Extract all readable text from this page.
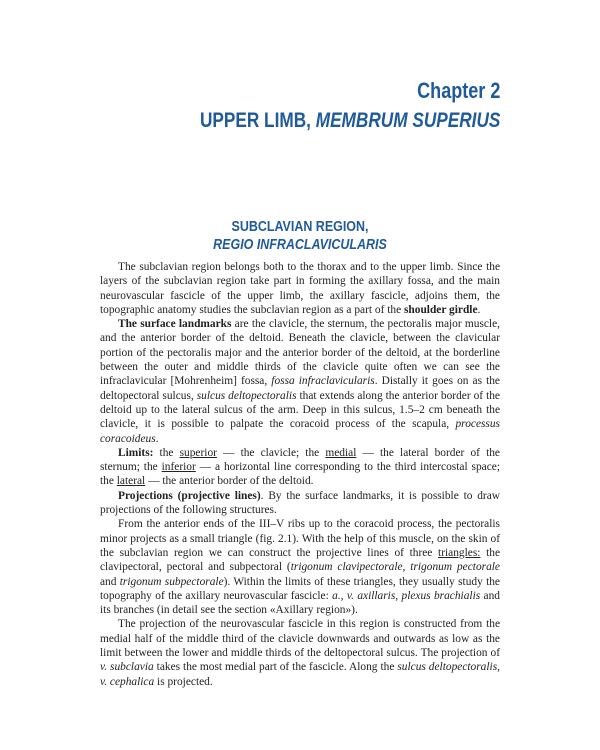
Chapter 2
UPPER LIMB, MEMBRUM SUPERIUS
SUBCLAVIAN REGION,
REGIO INFRACLAVICULARIS

The subclavian region belongs both to the thorax and to the upper limb. Since the layers of the subclavian region take part in forming the axillary fossa, and the main neurovascular fascicle of the upper limb, the axillary fascicle, adjoins them, the topographic anatomy studies the subclavian region as a part of the shoulder girdle.

The surface landmarks are the clavicle, the sternum, the pectoralis major muscle, and the anterior border of the deltoid. Beneath the clavicle, between the clavicular portion of the pectoralis major and the anterior border of the deltoid, at the borderline between the outer and middle thirds of the clavicle quite often we can see the infraclavicular [Mohrenheim] fossa, fossa infraclavicularis. Distally it goes on as the deltopectoral sulcus, sulcus deltopectoralis that extends along the anterior border of the deltoid up to the lateral sulcus of the arm. Deep in this sulcus, 1.5–2 cm beneath the clavicle, it is possible to palpate the coracoid process of the scapula, processus coracoideus.

Limits: the superior — the clavicle; the medial — the lateral border of the sternum; the inferior — a horizontal line corresponding to the third intercostal space; the lateral — the anterior border of the deltoid.

Projections (projective lines). By the surface landmarks, it is possible to draw projections of the following structures.

From the anterior ends of the III–V ribs up to the coracoid process, the pectoralis minor projects as a small triangle (fig. 2.1). With the help of this muscle, on the skin of the subclavian region we can construct the projective lines of three triangles: the clavipectoral, pectoral and subpectoral (trigonum clavipectorale, trigonum pectorale and trigonum subpectorale). Within the limits of these triangles, they usually study the topography of the axillary neurovascular fascicle: a., v. axillaris, plexus brachialis and its branches (in detail see the section «Axillary region»).

The projection of the neurovascular fascicle in this region is constructed from the medial half of the middle third of the clavicle downwards and outwards as low as the limit between the lower and middle thirds of the deltopectoral sulcus. The projection of v. subclavia takes the most medial part of the fascicle. Along the sulcus deltopectoralis, v. cephalica is projected.
